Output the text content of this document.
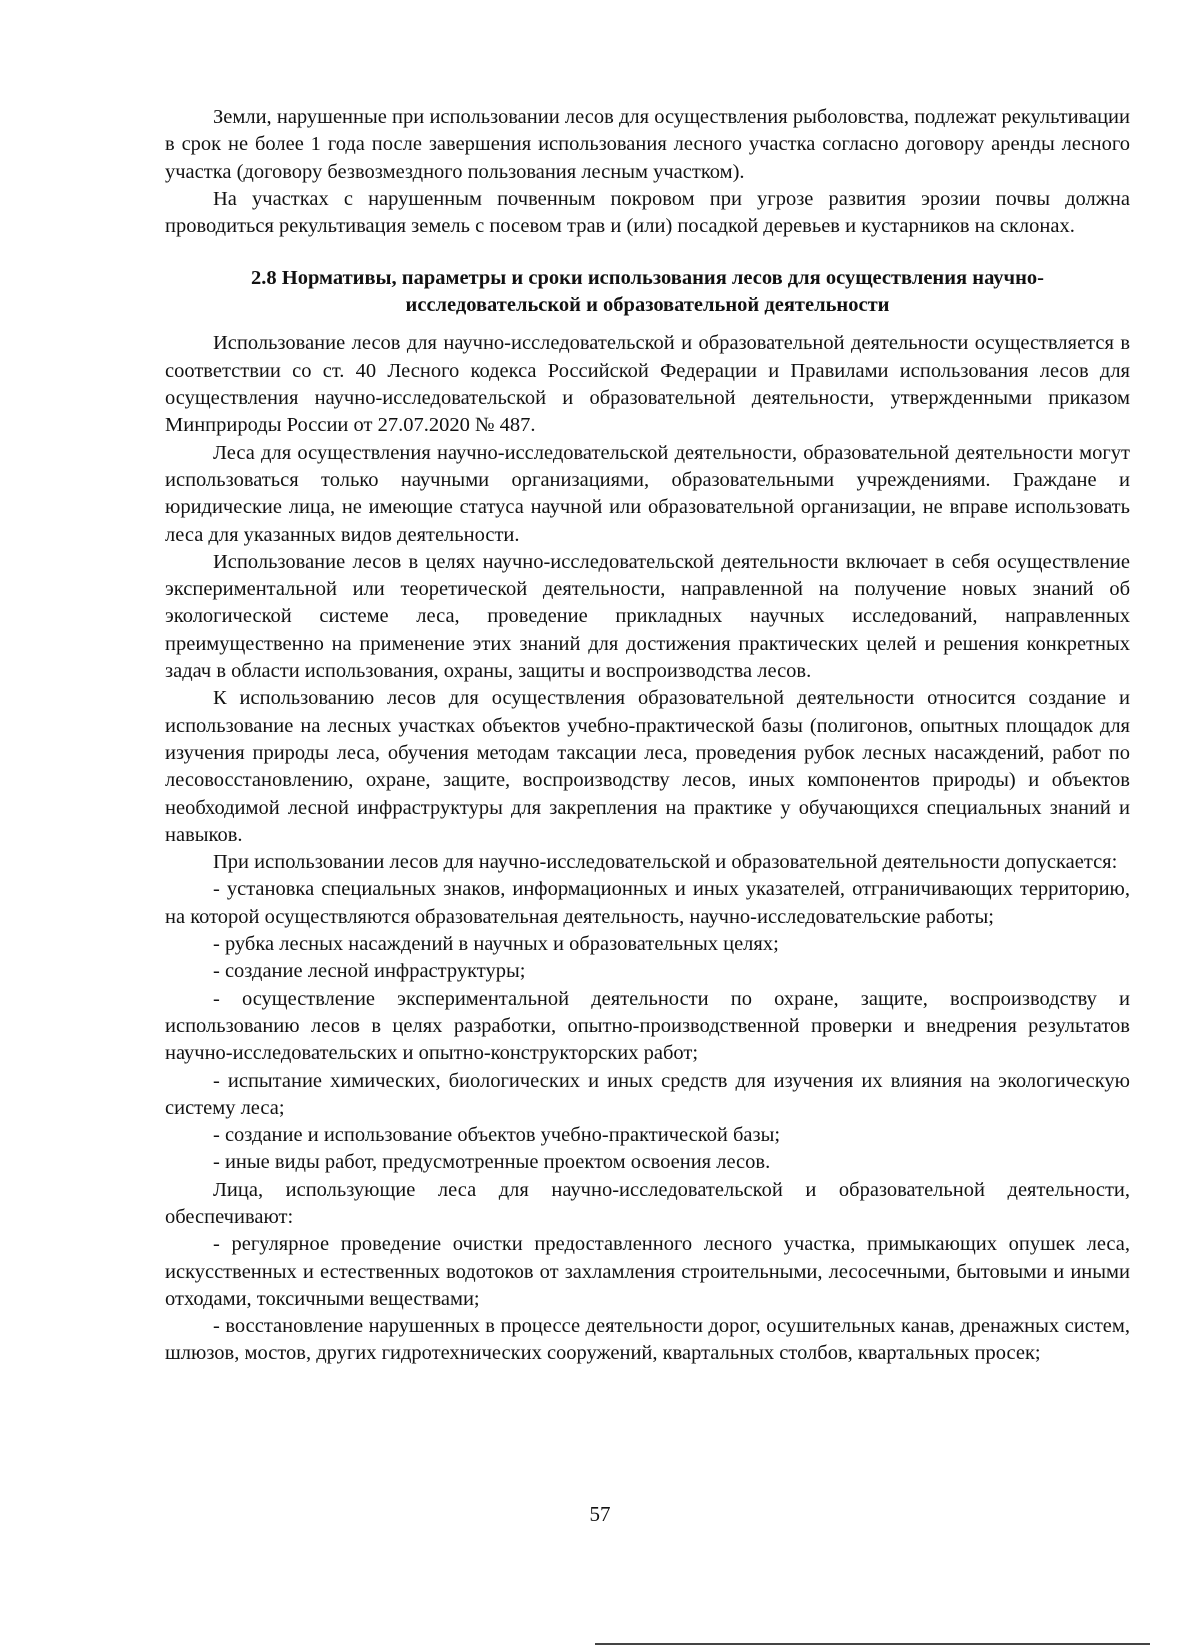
Земли, нарушенные при использовании лесов для осуществления рыболовства, подлежат рекультивации в срок не более 1 года после завершения использования лесного участка согласно договору аренды лесного участка (договору безвозмездного пользования лесным участком).

На участках с нарушенным почвенным покровом при угрозе развития эрозии почвы должна проводиться рекультивация земель с посевом трав и (или) посадкой деревьев и кустарников на склонах.

2.8 Нормативы, параметры и сроки использования лесов для осуществления научно-исследовательской и образовательной деятельности

Использование лесов для научно-исследовательской и образовательной деятельности осуществляется в соответствии со ст. 40 Лесного кодекса Российской Федерации и Правилами использования лесов для осуществления научно-исследовательской и образовательной деятельности, утвержденными приказом Минприроды России от 27.07.2020 № 487.

Леса для осуществления научно-исследовательской деятельности, образовательной деятельности могут использоваться только научными организациями, образовательными учреждениями. Граждане и юридические лица, не имеющие статуса научной или образовательной организации, не вправе использовать леса для указанных видов деятельности.

Использование лесов в целях научно-исследовательской деятельности включает в себя осуществление экспериментальной или теоретической деятельности, направленной на получение новых знаний об экологической системе леса, проведение прикладных научных исследований, направленных преимущественно на применение этих знаний для достижения практических целей и решения конкретных задач в области использования, охраны, защиты и воспроизводства лесов.

К использованию лесов для осуществления образовательной деятельности относится создание и использование на лесных участках объектов учебно-практической базы (полигонов, опытных площадок для изучения природы леса, обучения методам таксации леса, проведения рубок лесных насаждений, работ по лесовосстановлению, охране, защите, воспроизводству лесов, иных компонентов природы) и объектов необходимой лесной инфраструктуры для закрепления на практике у обучающихся специальных знаний и навыков.

При использовании лесов для научно-исследовательской и образовательной деятельности допускается:

- установка специальных знаков, информационных и иных указателей, отграничивающих территорию, на которой осуществляются образовательная деятельность, научно-исследовательские работы;

- рубка лесных насаждений в научных и образовательных целях;

- создание лесной инфраструктуры;

- осуществление экспериментальной деятельности по охране, защите, воспроизводству и использованию лесов в целях разработки, опытно-производственной проверки и внедрения результатов научно-исследовательских и опытно-конструкторских работ;

- испытание химических, биологических и иных средств для изучения их влияния на экологическую систему леса;

- создание и использование объектов учебно-практической базы;

- иные виды работ, предусмотренные проектом освоения лесов.

Лица, использующие леса для научно-исследовательской и образовательной деятельности, обеспечивают:

- регулярное проведение очистки предоставленного лесного участка, примыкающих опушек леса, искусственных и естественных водотоков от захламления строительными, лесосечными, бытовыми и иными отходами, токсичными веществами;

- восстановление нарушенных в процессе деятельности дорог, осушительных канав, дренажных систем, шлюзов, мостов, других гидротехнических сооружений, квартальных столбов, квартальных просек;

57
